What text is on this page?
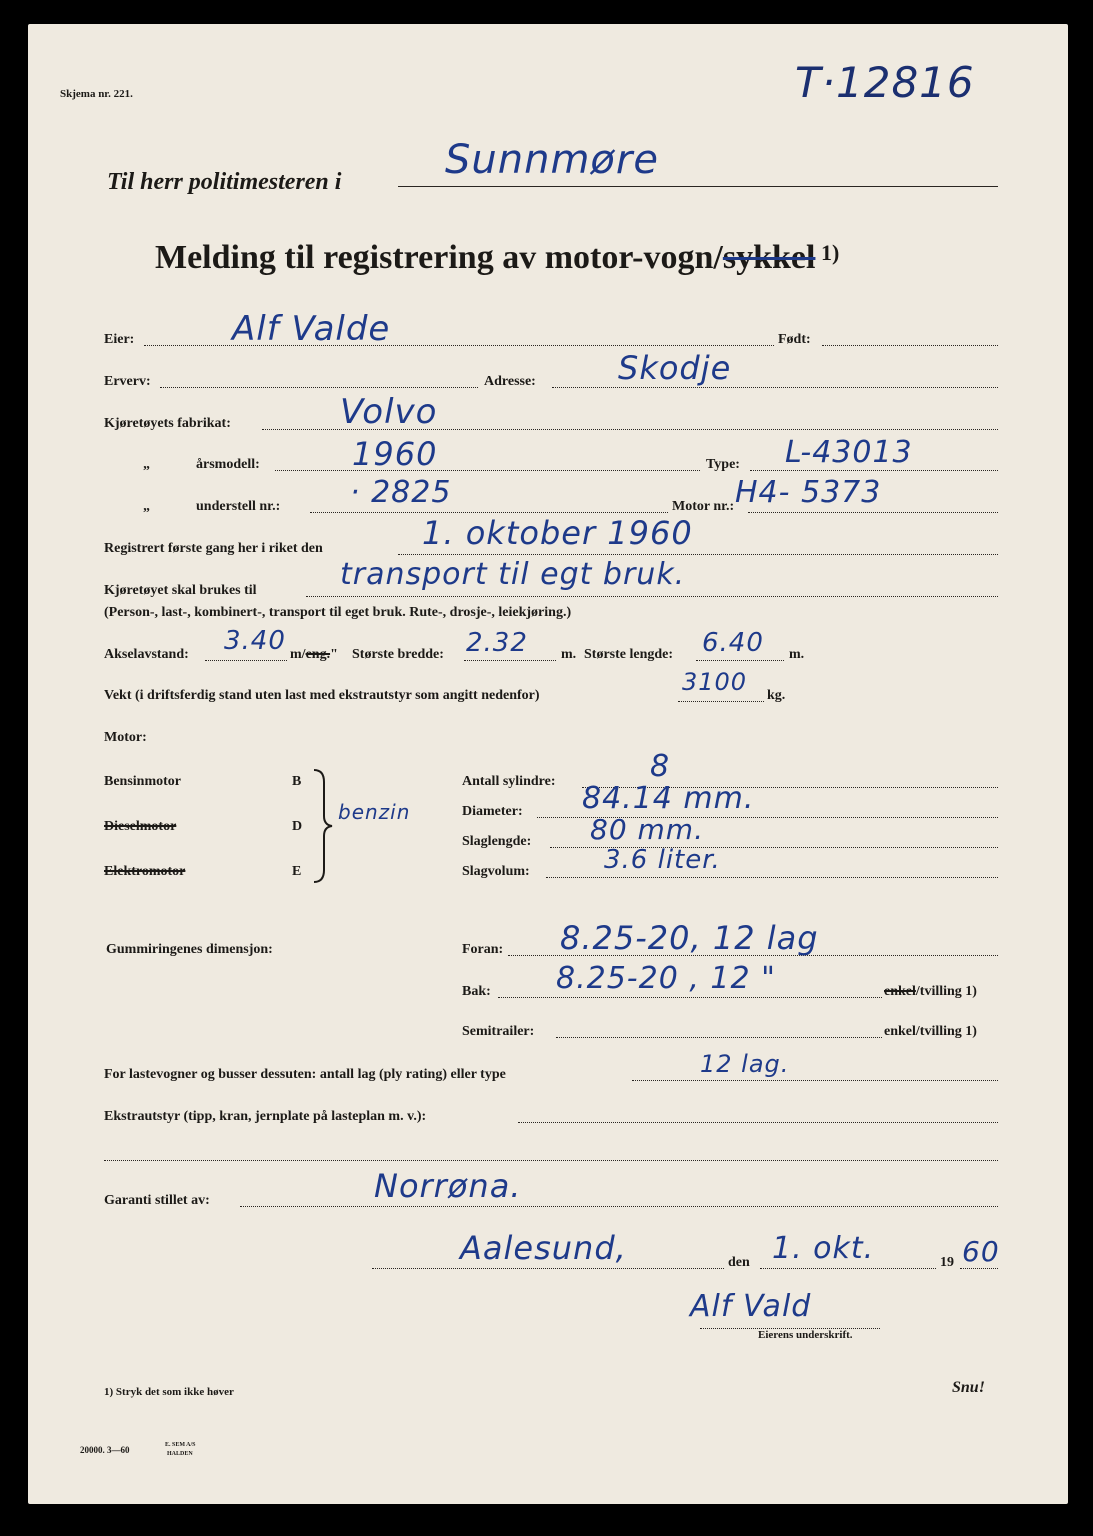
Skjema nr. 221.	T·12816
Til herr politimesteren i	Sunnmøre
Melding til registrering av motor-vogn/sykkel $^{1)}$
Eier:	Alf Valde	Født:
Erverv:	Adresse:	Skodje
Kjøretøyets fabrikat:	Volvo
„	årsmodell:	1960	Type: L-43013
„	understell nr.: · 2825	Motor nr.: H4- 5373
Registrert første gang her i riket den	1. oktober 1960
Kjøretøyet skal brukes til	transport til egt bruk.
(Person-, last-, kombinert-, transport til eget bruk. Rute-, drosje-, leiekjøring.)
Akselavstand: 3.40 m/eng." Største bredde: 2.32 m. Største lengde: 6.40 m.
Vekt (i driftsferdig stand uten last med ekstrautstyr som angitt nedenfor)	3100 kg.
Motor:
Bensinmotor	B
Dieselmotor	D
Elektromotor	E
benzin
Antall sylindre:	8
Diameter: 84.14 mm.
Slaglengde: 80 mm.
Slagvolum:	3.6 liter.
Gummiringenes dimensjon:	Foran: 8.25-20, 12 lag
Bak: 8.25-20 , 12 "	enkel/tvilling 1)
Semitrailer:	enkel/tvilling 1)
For lastevogner og busser dessuten: antall lag (ply rating) eller type	12 lag.
Ekstrautstyr (tipp, kran, jernplate på lasteplan m. v.):
Garanti stillet av:	Norrøna.
Aalesund,	den 1. okt.	19 60
Alf Vald
Eierens underskrift.
1) Stryk det som ikke høver	Snu!
20000. 3—60	E. SEM A/S
HALDEN
